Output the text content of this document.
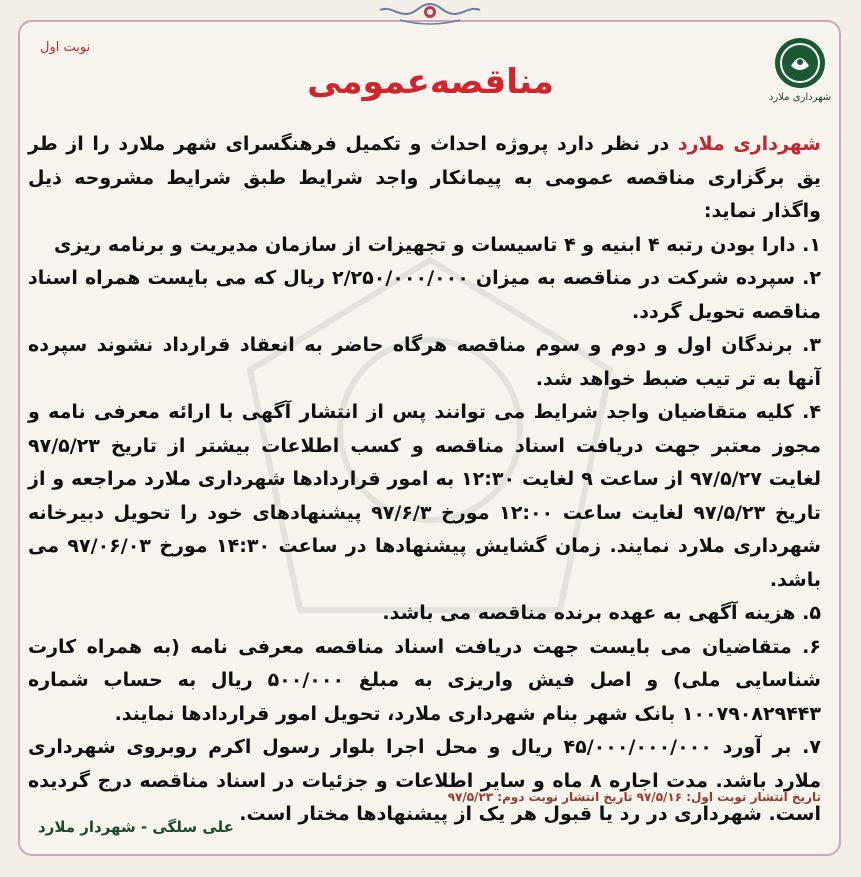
شهرداری ملارد
نوبت اول
مناقصه‌عمومی

شهرداری ملارد در نظر دارد پروژه احداث و تکمیل فرهنگسرای شهر ملارد را از طر یق برگزاری مناقصه عمومی به پیمانکار واجد شرایط طبق شرایط مشروحه ذیل واگذار نماید:

۱. دارا بودن رتبه ۴ ابنیه و ۴ تاسیسات و تجهیزات از سازمان مدیریت و برنامه ریزی

۲. سپرده شرکت در مناقصه به میزان ۲/۲۵۰/۰۰۰/۰۰۰ ریال که می بایست همراه اسناد مناقصه تحویل گردد.

۳. برندگان اول و دوم و سوم مناقصه هرگاه حاضر به انعقاد قرارداد نشوند سپرده آنها به تر تیب ضبط خواهد شد.

۴. کلیه متقاضیان واجد شرایط می توانند پس از انتشار آگهی با ارائه معرفی نامه و مجوز معتبر جهت دریافت اسناد مناقصه و کسب اطلاعات بیشتر از تاریخ ۹۷/۵/۲۳ لغایت ۹۷/۵/۲۷ از ساعت ۹ لغایت ۱۲:۳۰ به امور قراردادها شهرداری ملارد مراجعه و از تاریخ ۹۷/۵/۲۳ لغایت ساعت ۱۲:۰۰ مورخ ۹۷/۶/۳ پیشنهادهای خود را تحویل دبیرخانه شهرداری ملارد نمایند. زمان گشایش پیشنهادها در ساعت ۱۴:۳۰ مورخ ۹۷/۰۶/۰۳ می باشد.

۵. هزینه آگهی به عهده برنده مناقصه می باشد.

۶. متقاضیان می بایست جهت دریافت اسناد مناقصه معرفی نامه (به همراه کارت شناسایی ملی) و اصل فیش واریزی به مبلغ ۵۰۰/۰۰۰ ریال به حساب شماره ۱۰۰۷۹۰۸۲۹۴۴۳ بانک شهر بنام شهرداری ملارد، تحویل امور قراردادها نمایند.

۷. بر آورد ۴۵/۰۰۰/۰۰۰/۰۰۰ ریال و محل اجرا بلوار رسول اکرم روبروی شهرداری ملارد باشد. مدت اجاره ۸ ماه و سایر اطلاعات و جزئیات در اسناد مناقصه درج گردیده است. شهرداری در رد یا قبول هر یک از پیشنهادها مختار است.

تاریخ انتشار نوبت اول: ۹۷/۵/۱۶ تاریخ انتشار نوبت دوم: ۹۷/۵/۲۳
علی سلگی - شهردار ملارد
